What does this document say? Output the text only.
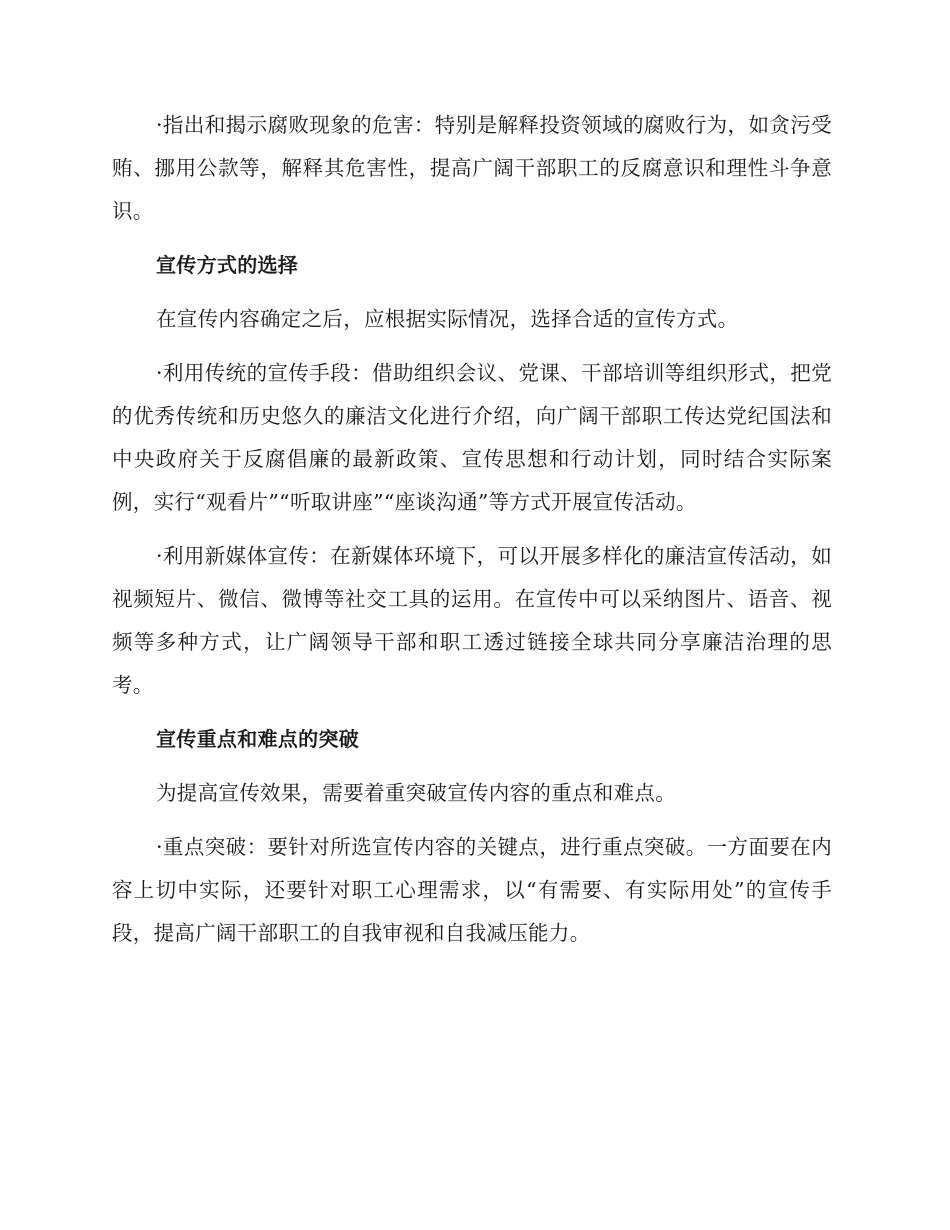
·指出和揭示腐败现象的危害：特别是解释投资领域的腐败行为，如贪污受贿、挪用公款等，解释其危害性，提高广阔干部职工的反腐意识和理性斗争意识。

宣传方式的选择

在宣传内容确定之后，应根据实际情况，选择合适的宣传方式。

·利用传统的宣传手段：借助组织会议、党课、干部培训等组织形式，把党的优秀传统和历史悠久的廉洁文化进行介绍，向广阔干部职工传达党纪国法和中央政府关于反腐倡廉的最新政策、宣传思想和行动计划，同时结合实际案例，实行“观看片”“听取讲座”“座谈沟通”等方式开展宣传活动。

·利用新媒体宣传：在新媒体环境下，可以开展多样化的廉洁宣传活动，如视频短片、微信、微博等社交工具的运用。在宣传中可以采纳图片、语音、视频等多种方式，让广阔领导干部和职工透过链接全球共同分享廉洁治理的思考。

宣传重点和难点的突破

为提高宣传效果，需要着重突破宣传内容的重点和难点。

·重点突破：要针对所选宣传内容的关键点，进行重点突破。一方面要在内容上切中实际，还要针对职工心理需求，以“有需要、有实际用处”的宣传手段，提高广阔干部职工的自我审视和自我减压能力。
